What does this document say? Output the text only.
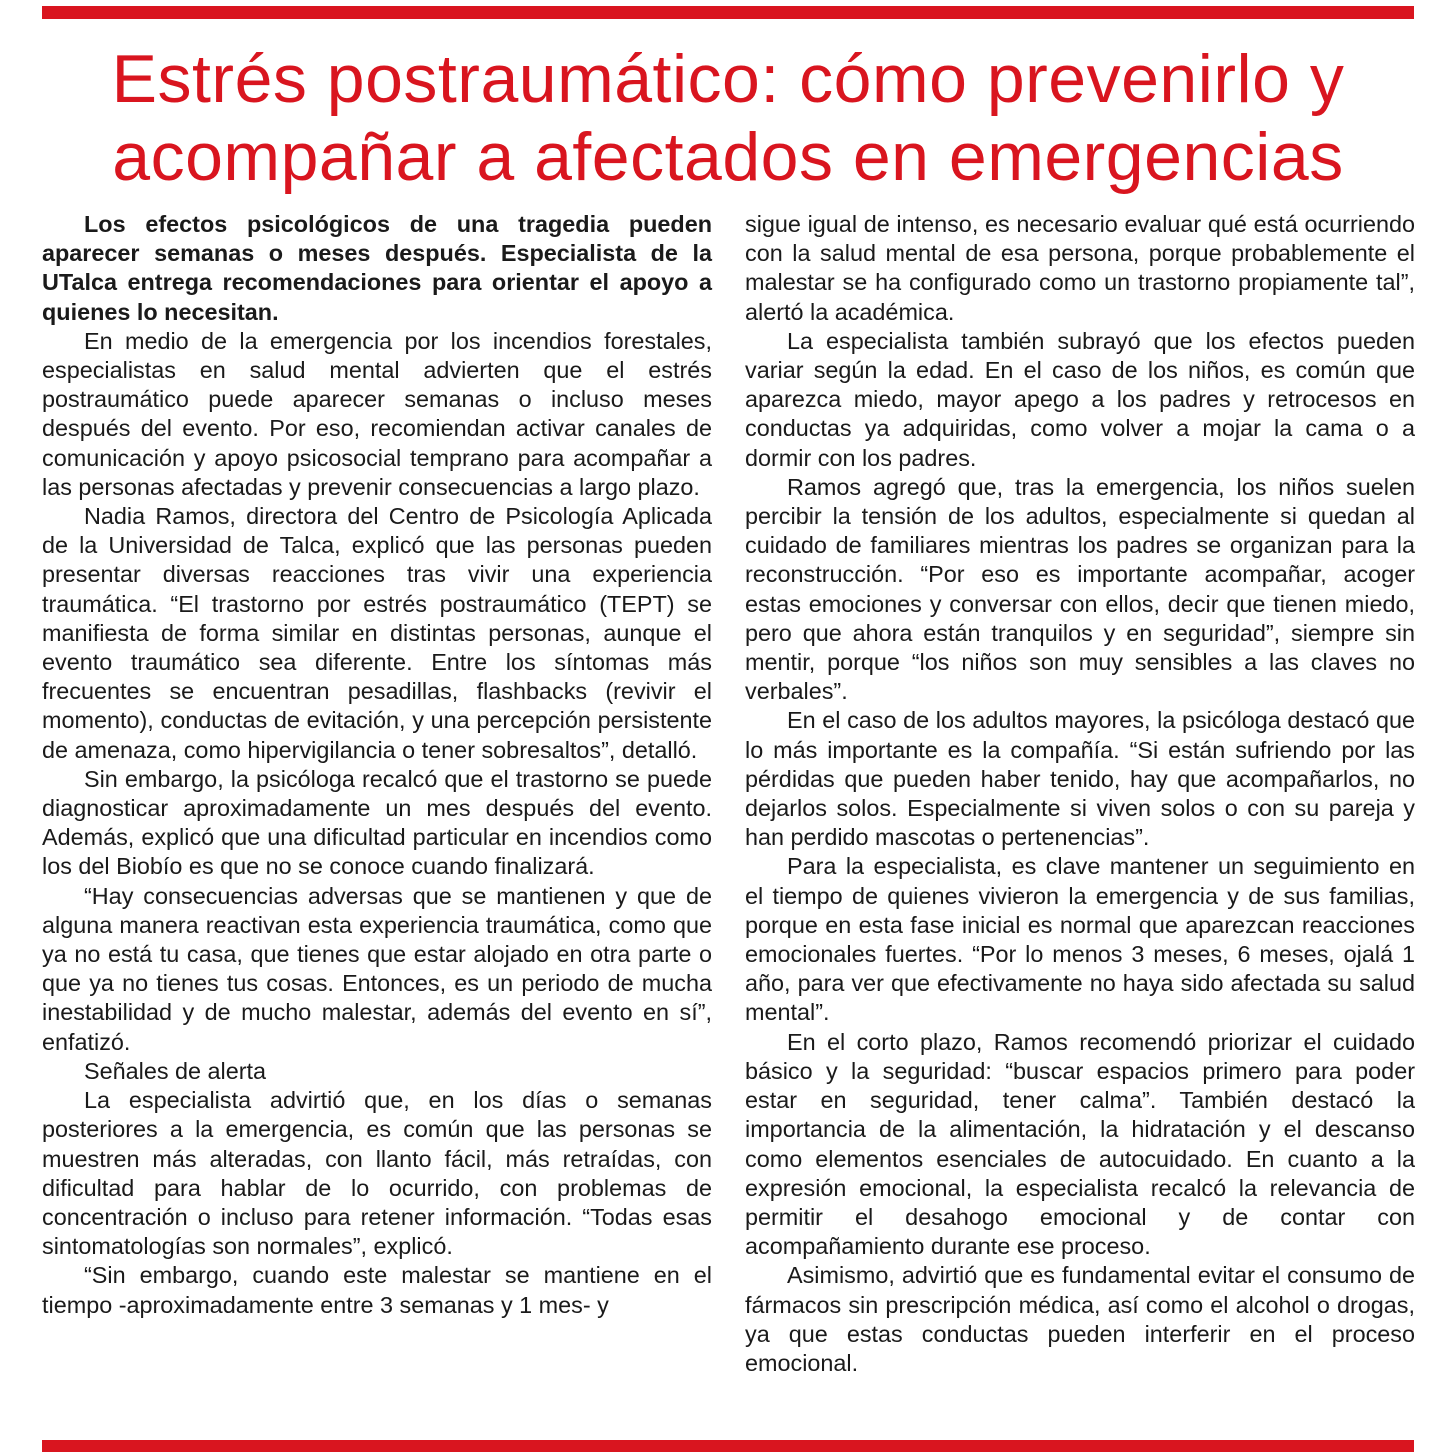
Estrés postraumático: cómo prevenirlo y acompañar a afectados en emergencias

Los efectos psicológicos de una tragedia pueden aparecer semanas o meses después. Especialista de la UTalca entrega recomendaciones para orientar el apoyo a quienes lo necesitan.

En medio de la emergencia por los incendios forestales, especialistas en salud mental advierten que el estrés postraumático puede aparecer semanas o incluso meses después del evento. Por eso, recomiendan activar canales de comunicación y apoyo psicosocial temprano para acompañar a las personas afectadas y prevenir consecuencias a largo plazo.

Nadia Ramos, directora del Centro de Psicología Aplicada de la Universidad de Talca, explicó que las personas pueden presentar diversas reacciones tras vivir una experiencia traumática. “El trastorno por estrés postraumático (TEPT) se manifiesta de forma similar en distintas personas, aunque el evento traumático sea diferente. Entre los síntomas más frecuentes se encuentran pesadillas, flashbacks (revivir el momento), conductas de evitación, y una percepción persistente de amenaza, como hipervigilancia o tener sobresaltos”, detalló.

Sin embargo, la psicóloga recalcó que el trastorno se puede diagnosticar aproximadamente un mes después del evento. Además, explicó que una dificultad particular en incendios como los del Biobío es que no se conoce cuando finalizará.

“Hay consecuencias adversas que se mantienen y que de alguna manera reactivan esta experiencia traumática, como que ya no está tu casa, que tienes que estar alojado en otra parte o que ya no tienes tus cosas. Entonces, es un periodo de mucha inestabilidad y de mucho malestar, además del evento en sí”, enfatizó.

Señales de alerta

La especialista advirtió que, en los días o semanas posteriores a la emergencia, es común que las personas se muestren más alteradas, con llanto fácil, más retraídas, con dificultad para hablar de lo ocurrido, con problemas de concentración o incluso para retener información. “Todas esas sintomatologías son normales”, explicó.

“Sin embargo, cuando este malestar se mantiene en el tiempo -aproximadamente entre 3 semanas y 1 mes- y

sigue igual de intenso, es necesario evaluar qué está ocurriendo con la salud mental de esa persona, porque probablemente el malestar se ha configurado como un trastorno propiamente tal”, alertó la académica.

La especialista también subrayó que los efectos pueden variar según la edad. En el caso de los niños, es común que aparezca miedo, mayor apego a los padres y retrocesos en conductas ya adquiridas, como volver a mojar la cama o a dormir con los padres.

Ramos agregó que, tras la emergencia, los niños suelen percibir la tensión de los adultos, especialmente si quedan al cuidado de familiares mientras los padres se organizan para la reconstrucción. “Por eso es importante acompañar, acoger estas emociones y conversar con ellos, decir que tienen miedo, pero que ahora están tranquilos y en seguridad”, siempre sin mentir, porque “los niños son muy sensibles a las claves no verbales”.

En el caso de los adultos mayores, la psicóloga destacó que lo más importante es la compañía. “Si están sufriendo por las pérdidas que pueden haber tenido, hay que acompañarlos, no dejarlos solos. Especialmente si viven solos o con su pareja y han perdido mascotas o pertenencias”.

Para la especialista, es clave mantener un seguimiento en el tiempo de quienes vivieron la emergencia y de sus familias, porque en esta fase inicial es normal que aparezcan reacciones emocionales fuertes. “Por lo menos 3 meses, 6 meses, ojalá 1 año, para ver que efectivamente no haya sido afectada su salud mental”.

En el corto plazo, Ramos recomendó priorizar el cuidado básico y la seguridad: “buscar espacios primero para poder estar en seguridad, tener calma”. También destacó la importancia de la alimentación, la hidratación y el descanso como elementos esenciales de autocuidado. En cuanto a la expresión emocional, la especialista recalcó la relevancia de permitir el desahogo emocional y de contar con acompañamiento durante ese proceso.

Asimismo, advirtió que es fundamental evitar el consumo de fármacos sin prescripción médica, así como el alcohol o drogas, ya que estas conductas pueden interferir en el proceso emocional.
